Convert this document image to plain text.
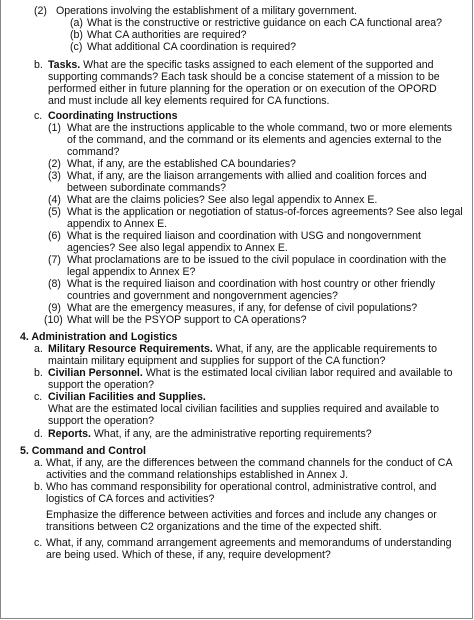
(2) Operations involving the establishment of a military government.
(a) What is the constructive or restrictive guidance on each CA functional area?
(b) What CA authorities are required?
(c) What additional CA coordination is required?
b. Tasks. What are the specific tasks assigned to each element of the supported and
supporting commands? Each task should be a concise statement of a mission to be
performed either in future planning for the operation or on execution of the OPORD
and must include all key elements required for CA functions.
c. Coordinating Instructions
(1) What are the instructions applicable to the whole command, two or more elements
of the command, and the command or its elements and agencies external to the
command?
(2) What, if any, are the established CA boundaries?
(3) What, if any, are the liaison arrangements with allied and coalition forces and
between subordinate commands?
(4) What are the claims policies? See also legal appendix to Annex E.
(5) What is the application or negotiation of status-of-forces agreements? See also legal
appendix to Annex E.
(6) What is the required liaison and coordination with USG and nongovernment
agencies? See also legal appendix to Annex E.
(7) What proclamations are to be issued to the civil populace in coordination with the
legal appendix to Annex E?
(8) What is the required liaison and coordination with host country or other friendly
countries and government and nongovernment agencies?
(9) What are the emergency measures, if any, for defense of civil populations?
(10) What will be the PSYOP support to CA operations?
4. Administration and Logistics
a. Military Resource Requirements. What, if any, are the applicable requirements to
maintain military equipment and supplies for support of the CA function?
b. Civilian Personnel. What is the estimated local civilian labor required and available to
support the operation?
c. Civilian Facilities and Supplies.
What are the estimated local civilian facilities and supplies required and available to
support the operation?
d. Reports. What, if any, are the administrative reporting requirements?
5. Command and Control
a. What, if any, are the differences between the command channels for the conduct of CA
activities and the command relationships established in Annex J.
b. Who has command responsibility for operational control, administrative control, and
logistics of CA forces and activities?
Emphasize the difference between activities and forces and include any changes or
transitions between C2 organizations and the time of the expected shift.
c. What, if any, command arrangement agreements and memorandums of understanding
are being used. Which of these, if any, require development?
